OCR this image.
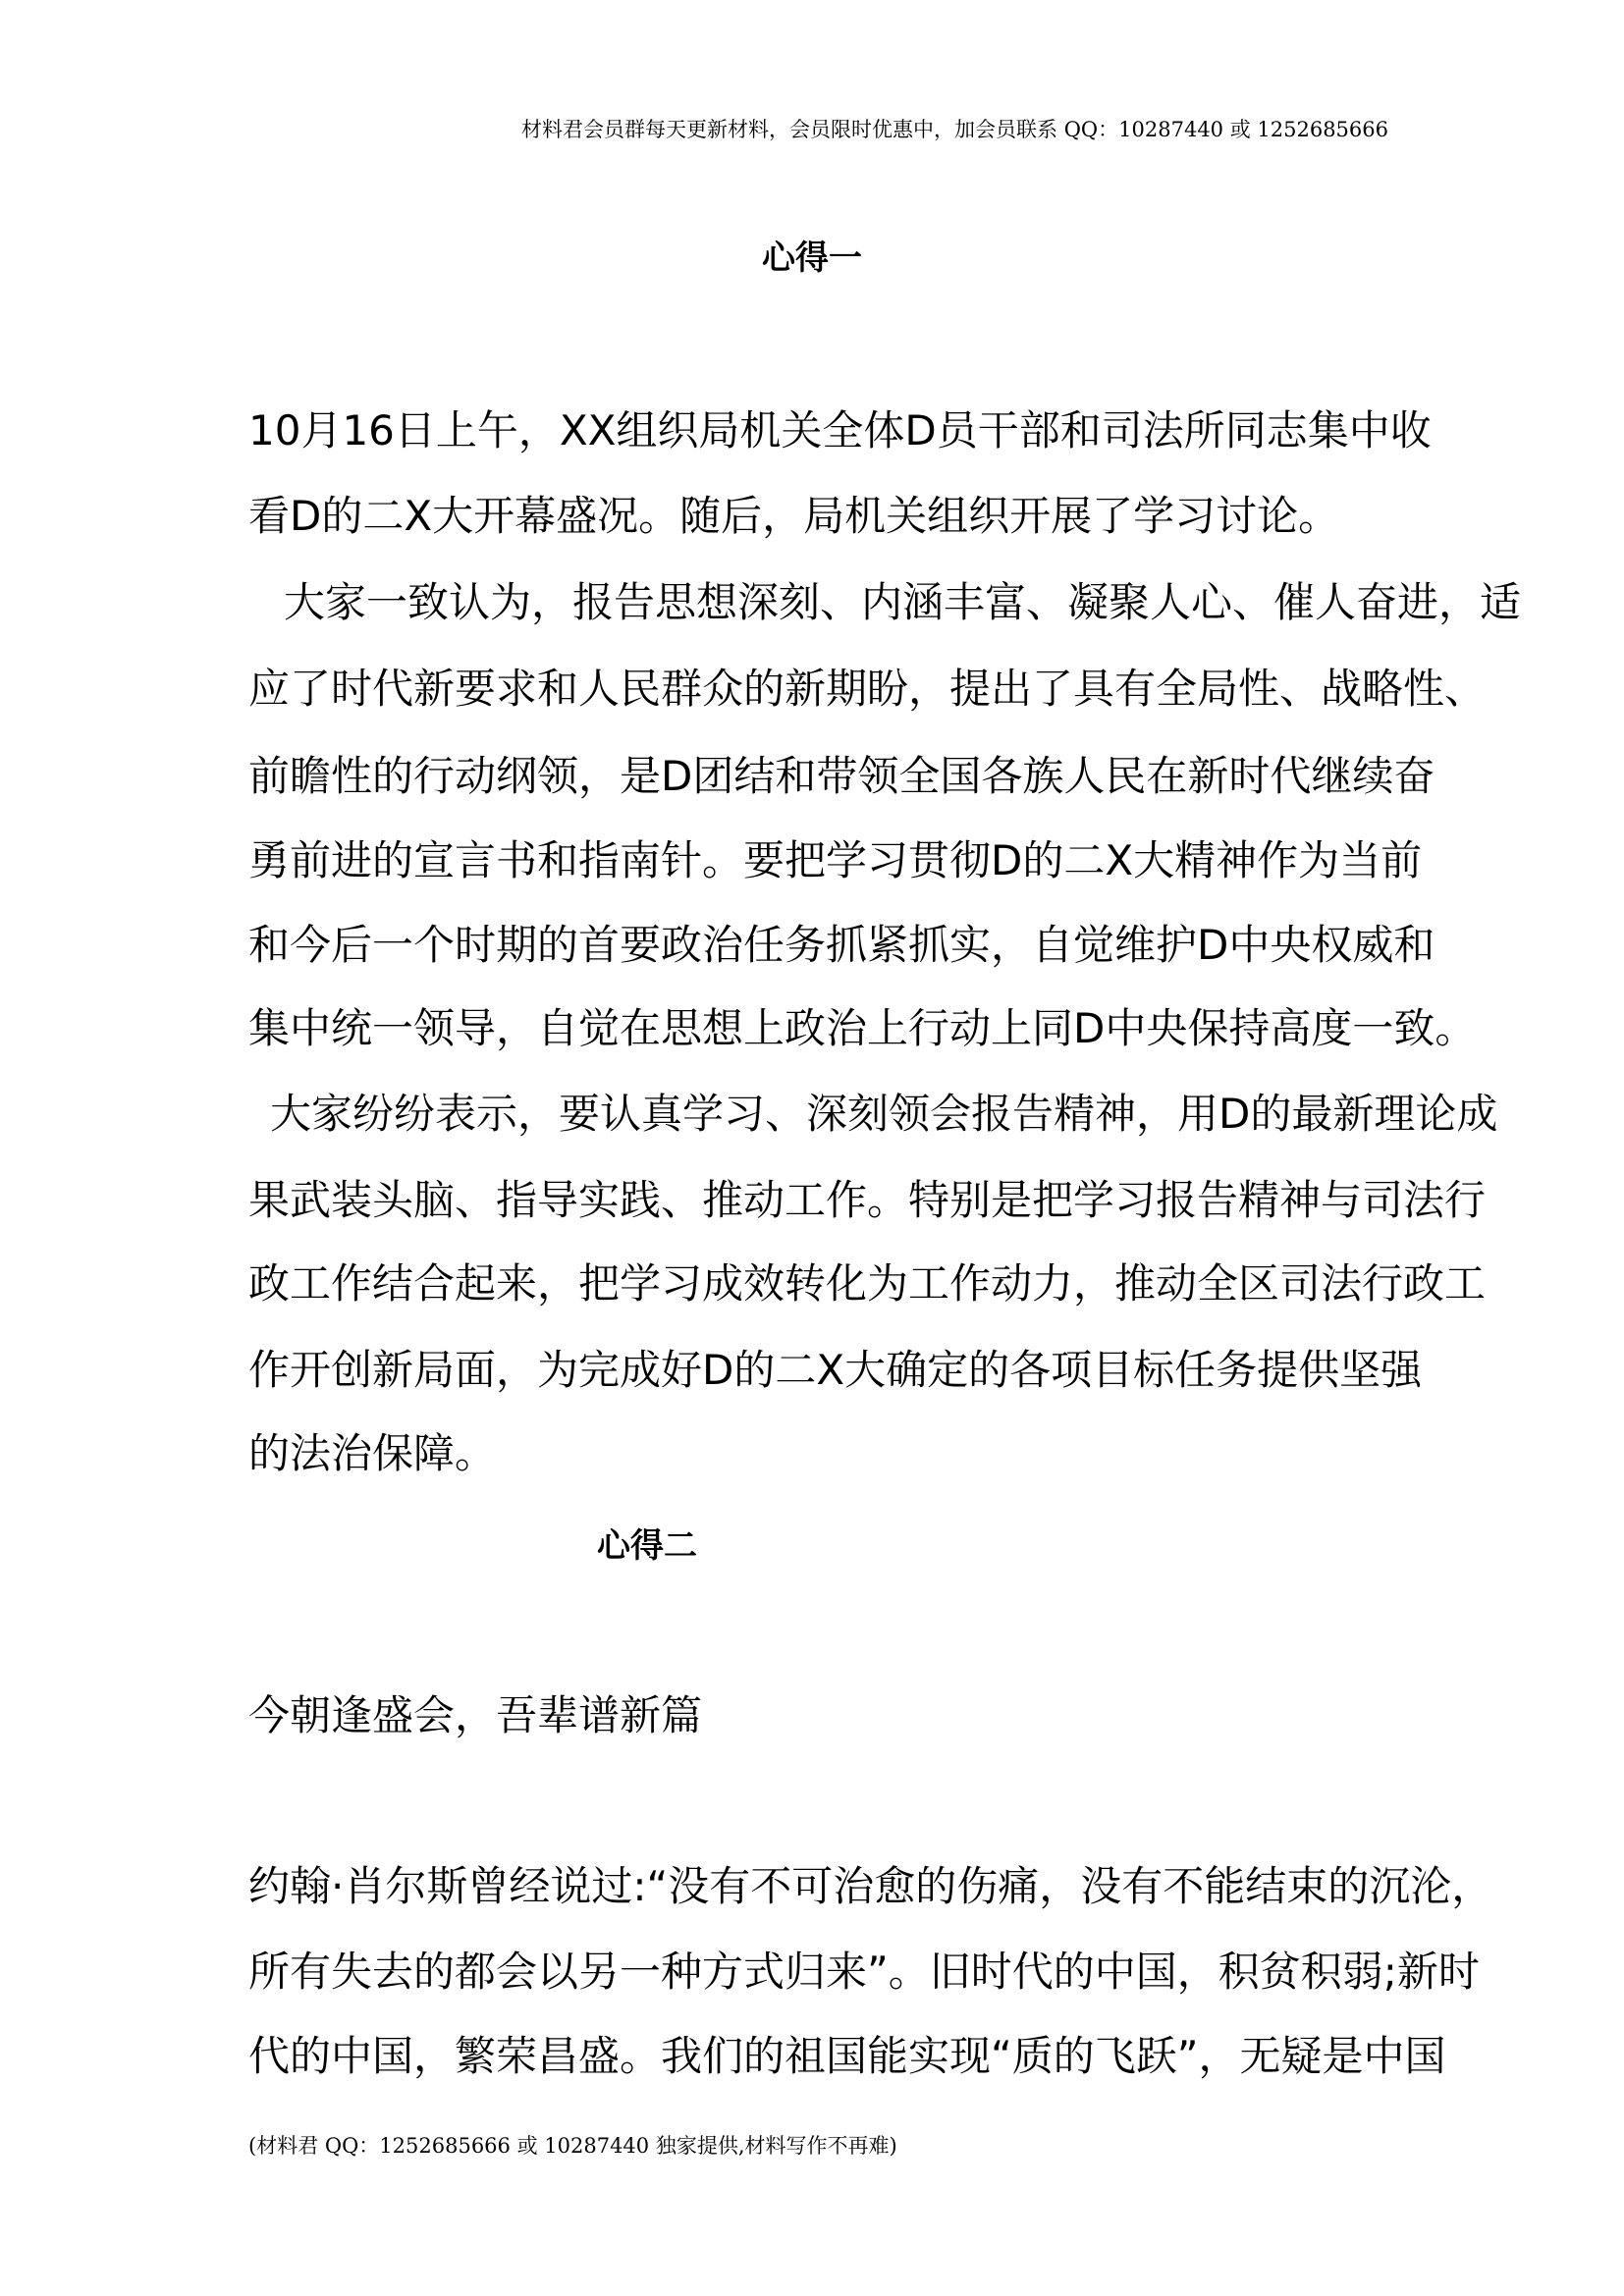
材料君会员群每天更新材料，会员限时优惠中，加会员联系 QQ：10287440 或 1252685666
心得一
10月16日上午，XX组织局机关全体D员干部和司法所同志集中收
看D的二X大开幕盛况。随后，局机关组织开展了学习讨论。
大家一致认为，报告思想深刻、内涵丰富、凝聚人心、催人奋进，适
应了时代新要求和人民群众的新期盼，提出了具有全局性、战略性、
前瞻性的行动纲领，是D团结和带领全国各族人民在新时代继续奋
勇前进的宣言书和指南针。要把学习贯彻D的二X大精神作为当前
和今后一个时期的首要政治任务抓紧抓实，自觉维护D中央权威和
集中统一领导，自觉在思想上政治上行动上同D中央保持高度一致。
大家纷纷表示，要认真学习、深刻领会报告精神，用D的最新理论成
果武装头脑、指导实践、推动工作。特别是把学习报告精神与司法行
政工作结合起来，把学习成效转化为工作动力，推动全区司法行政工
作开创新局面，为完成好D的二X大确定的各项目标任务提供坚强
的法治保障。
心得二
今朝逢盛会，吾辈谱新篇
约翰·肖尔斯曾经说过:“没有不可治愈的伤痛，没有不能结束的沉沦，
所有失去的都会以另一种方式归来”。旧时代的中国，积贫积弱;新时
代的中国，繁荣昌盛。我们的祖国能实现“质的飞跃”，无疑是中国
(材料君 QQ：1252685666 或 10287440 独家提供,材料写作不再难)
